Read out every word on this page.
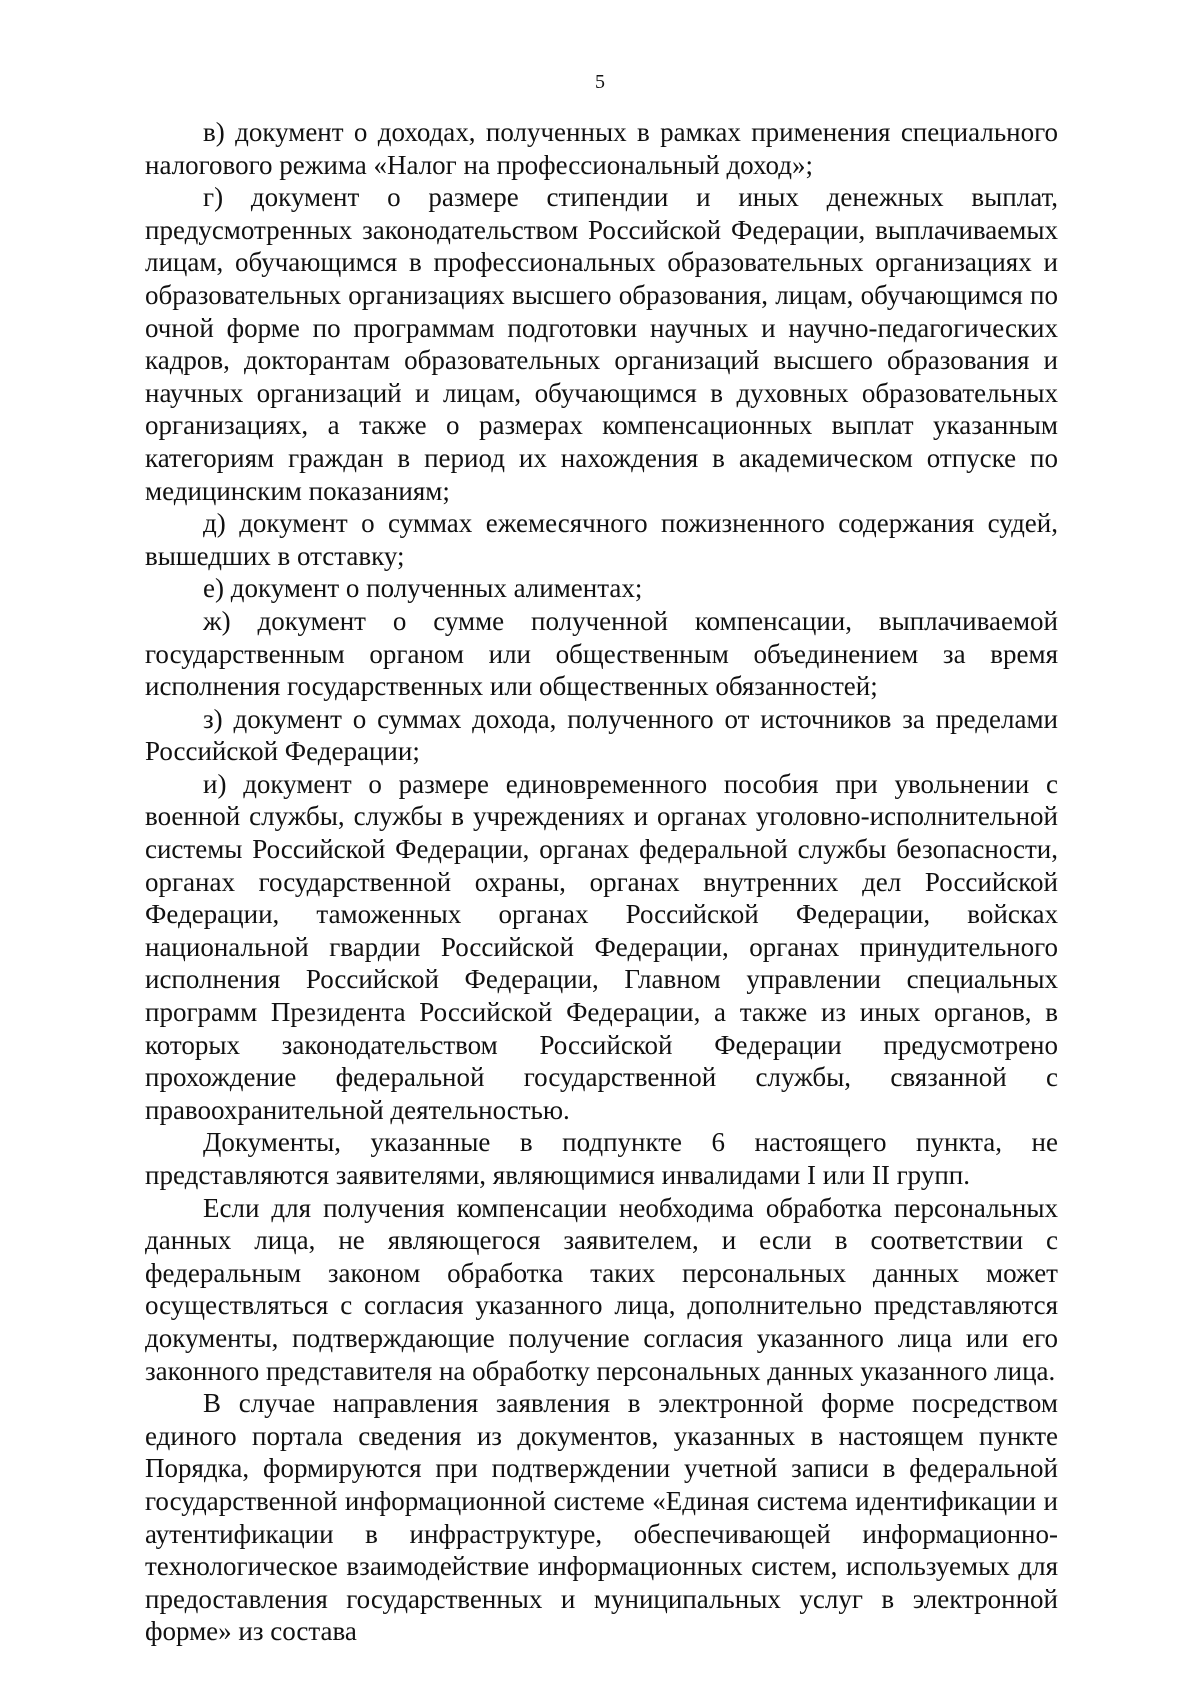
5

в) документ о доходах, полученных в рамках применения специального налогового режима «Налог на профессиональный доход»;

г) документ о размере стипендии и иных денежных выплат, предусмотренных законодательством Российской Федерации, выплачиваемых лицам, обучающимся в профессиональных образовательных организациях и образовательных организациях высшего образования, лицам, обучающимся по очной форме по программам подготовки научных и научно-педагогических кадров, докторантам образовательных организаций высшего образования и научных организаций и лицам, обучающимся в духовных образовательных организациях, а также о размерах компенсационных выплат указанным категориям граждан в период их нахождения в академическом отпуске по медицинским показаниям;

д) документ о суммах ежемесячного пожизненного содержания судей, вышедших в отставку;

е) документ о полученных алиментах;

ж) документ о сумме полученной компенсации, выплачиваемой государственным органом или общественным объединением за время исполнения государственных или общественных обязанностей;

з) документ о суммах дохода, полученного от источников за пределами Российской Федерации;

и) документ о размере единовременного пособия при увольнении с военной службы, службы в учреждениях и органах уголовно-исполнительной системы Российской Федерации, органах федеральной службы безопасности, органах государственной охраны, органах внутренних дел Российской Федерации, таможенных органах Российской Федерации, войсках национальной гвардии Российской Федерации, органах принудительного исполнения Российской Федерации, Главном управлении специальных программ Президента Российской Федерации, а также из иных органов, в которых законодательством Российской Федерации предусмотрено прохождение федеральной государственной службы, связанной с правоохранительной деятельностью.

Документы, указанные в подпункте 6 настоящего пункта, не представляются заявителями, являющимися инвалидами I или II групп.

Если для получения компенсации необходима обработка персональных данных лица, не являющегося заявителем, и если в соответствии с федеральным законом обработка таких персональных данных может осуществляться с согласия указанного лица, дополнительно представляются документы, подтверждающие получение согласия указанного лица или его законного представителя на обработку персональных данных указанного лица.

В случае направления заявления в электронной форме посредством единого портала сведения из документов, указанных в настоящем пункте Порядка, формируются при подтверждении учетной записи в федеральной государственной информационной системе «Единая система идентификации и аутентификации в инфраструктуре, обеспечивающей информационно-технологическое взаимодействие информационных систем, используемых для предоставления государственных и муниципальных услуг в электронной форме» из состава
